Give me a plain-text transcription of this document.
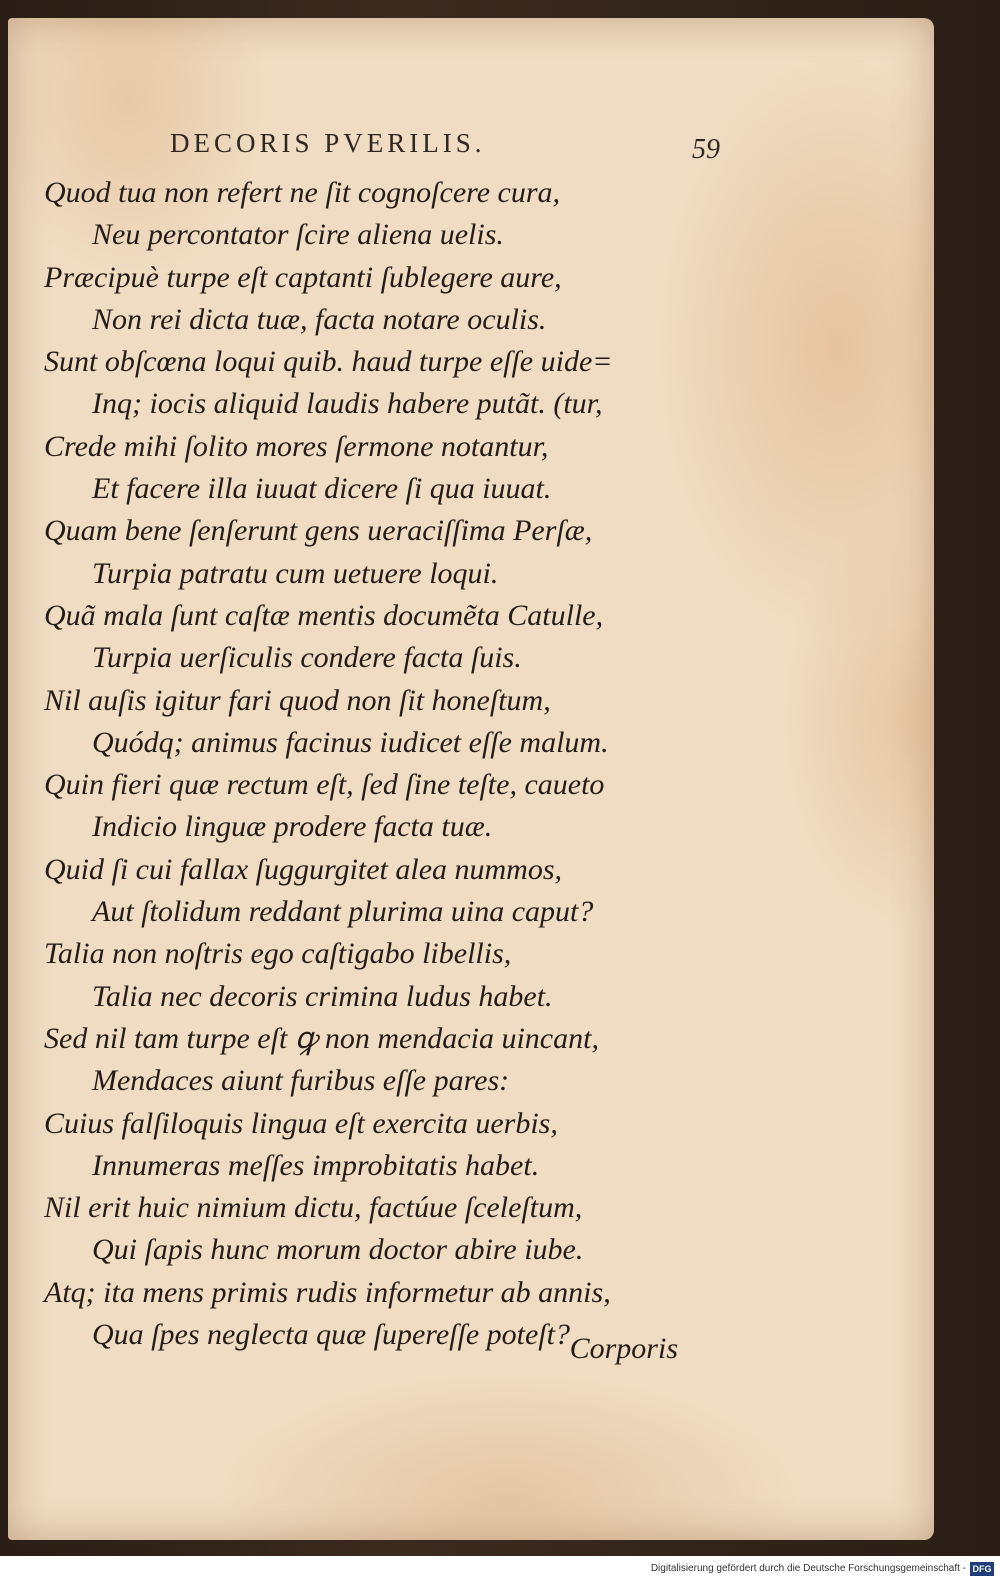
DECORIS PVERILIS.	59
Quod tua non refert ne ſit cognoſcere cura,
Neu percontator ſcire aliena uelis.
Præcipuè turpe eſt captanti ſublegere aure,
Non rei dicta tuæ, facta notare oculis.
Sunt obſcœna loqui quib. haud turpe eſſe uide=
Inq; iocis aliquid laudis habere putãt. (tur,
Crede mihi ſolito mores ſermone notantur,
Et facere illa iuuat dicere ſi qua iuuat.
Quam bene ſenſerunt gens ueraciſſima Perſæ,
Turpia patratu cum uetuere loqui.
Quã mala ſunt caſtæ mentis documẽta Catulle,
Turpia uerſiculis condere facta ſuis.
Nil auſis igitur fari quod non ſit honeſtum,
Quódq; animus facinus iudicet eſſe malum.
Quin fieri quæ rectum eſt, ſed ſine teſte, caueto
Indicio linguæ prodere facta tuæ.
Quid ſi cui fallax ſuggurgitet alea nummos,
Aut ſtolidum reddant plurima uina caput?
Talia non noſtris ego caſtigabo libellis,
Talia nec decoris crimina ludus habet.
Sed nil tam turpe eſt ꝙ non mendacia uincant,
Mendaces aiunt furibus eſſe pares:
Cuius falſiloquis lingua eſt exercita uerbis,
Innumeras meſſes improbitatis habet.
Nil erit huic nimium dictu, factúue ſceleſtum,
Qui ſapis hunc morum doctor abire iube.
Atq; ita mens primis rudis informetur ab annis,
Qua ſpes neglecta quæ ſupereſſe poteſt? Corporis
Digitalisierung gefördert durch die Deutsche Forschungsgemeinschaft - DFG
